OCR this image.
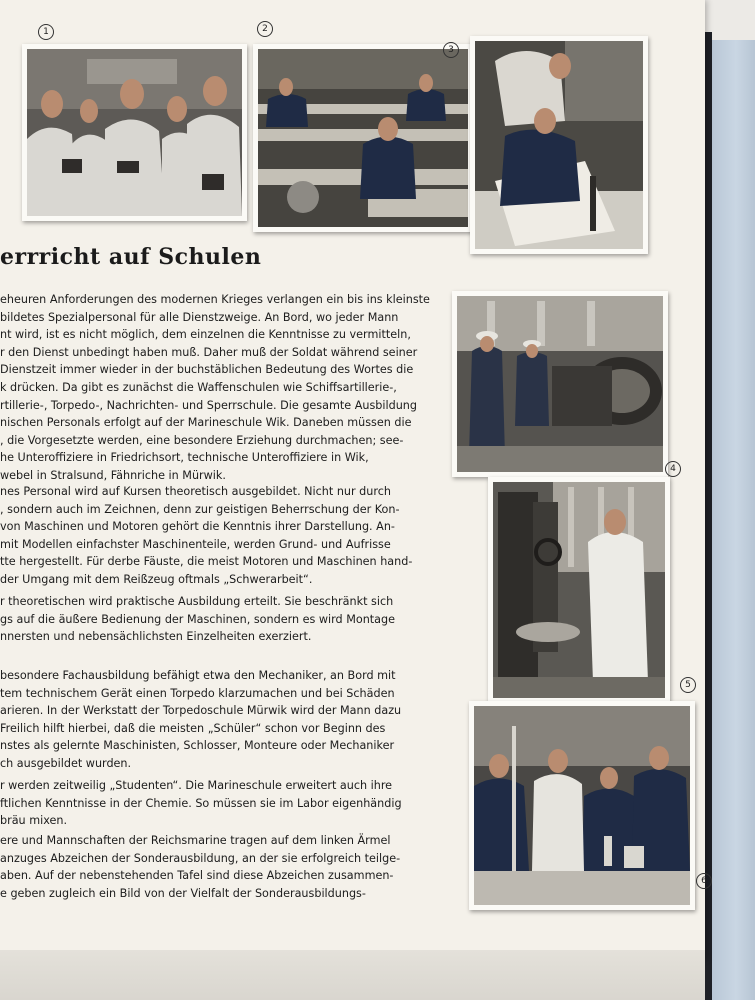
1	2
3
4
5
6
errricht auf Schulen
eheuren Anforderungen des modernen Krieges verlangen ein bis ins kleinste
bildetes Spezialpersonal für alle Dienstzweige. An Bord, wo jeder Mann
nt wird, ist es nicht möglich, dem einzelnen die Kenntnisse zu vermitteln,
r den Dienst unbedingt haben muß. Daher muß der Soldat während seiner
Dienstzeit immer wieder in der buchstäblichen Bedeutung des Wortes die
k drücken. Da gibt es zunächst die Waffenschulen wie Schiffsartillerie-,
rtillerie-, Torpedo-, Nachrichten- und Sperrschule. Die gesamte Ausbildung
nischen Personals erfolgt auf der Marineschule Wik. Daneben müssen die
, die Vorgesetzte werden, eine besondere Erziehung durchmachen; see-
he Unteroffiziere in Friedrichsort, technische Unteroffiziere in Wik,
webel in Stralsund, Fähnriche in Mürwik.
nes Personal wird auf Kursen theoretisch ausgebildet. Nicht nur durch
, sondern auch im Zeichnen, denn zur geistigen Beherrschung der Kon-
von Maschinen und Motoren gehört die Kenntnis ihrer Darstellung. An-
mit Modellen einfachster Maschinenteile, werden Grund- und Aufrisse
tte hergestellt. Für derbe Fäuste, die meist Motoren und Maschinen hand-
der Umgang mit dem Reißzeug oftmals „Schwerarbeit“.
r theoretischen wird praktische Ausbildung erteilt. Sie beschränkt sich
gs auf die äußere Bedienung der Maschinen, sondern es wird Montage
nnersten und nebensächlichsten Einzelheiten exerziert.
besondere Fachausbildung befähigt etwa den Mechaniker, an Bord mit
tem technischem Gerät einen Torpedo klarzumachen und bei Schäden
arieren. In der Werkstatt der Torpedoschule Mürwik wird der Mann dazu
Freilich hilft hierbei, daß die meisten „Schüler“ schon vor Beginn des
nstes als gelernte Maschinisten, Schlosser, Monteure oder Mechaniker
ch ausgebildet wurden.
r werden zeitweilig „Studenten“. Die Marineschule erweitert auch ihre
ftlichen Kenntnisse in der Chemie. So müssen sie im Labor eigenhändig
bräu mixen.
ere und Mannschaften der Reichsmarine tragen auf dem linken Ärmel
anzuges Abzeichen der Sonderausbildung, an der sie erfolgreich teilge-
aben. Auf der nebenstehenden Tafel sind diese Abzeichen zusammen-
e geben zugleich ein Bild von der Vielfalt der Sonderausbildungs-
